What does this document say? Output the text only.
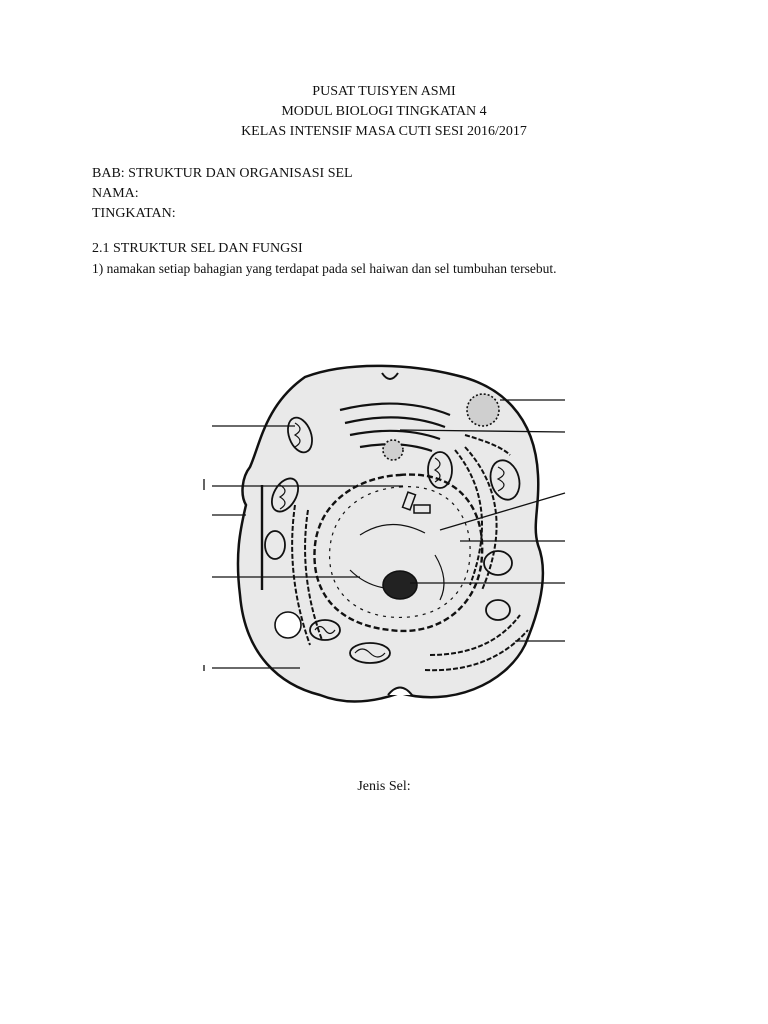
PUSAT TUISYEN ASMI
MODUL BIOLOGI TINGKATAN 4
KELAS INTENSIF MASA CUTI SESI 2016/2017
BAB: STRUKTUR DAN ORGANISASI SEL
NAMA:
TINGKATAN:
2.1 STRUKTUR SEL DAN FUNGSI
1) namakan setiap bahagian yang terdapat pada sel haiwan dan sel tumbuhan tersebut.
Jenis Sel:
